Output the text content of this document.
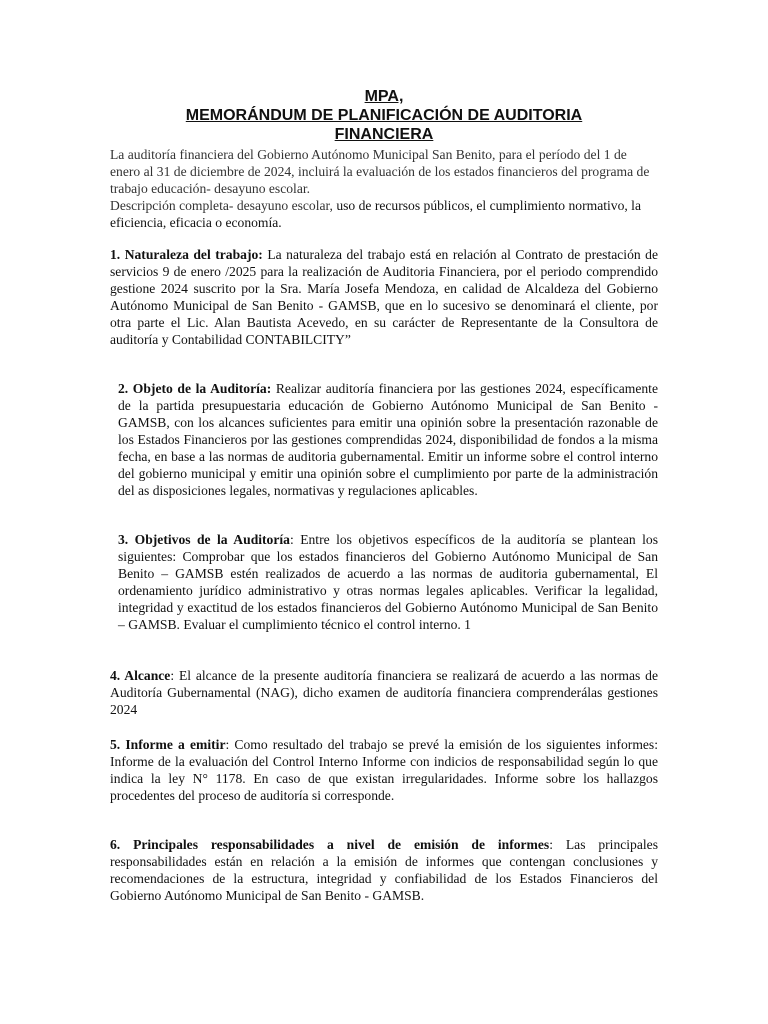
MPA,
MEMORÁNDUM DE PLANIFICACIÓN DE AUDITORIA
FINANCIERA

La auditoría financiera del Gobierno Autónomo Municipal San Benito, para el período del 1 de enero al 31 de diciembre de 2024, incluirá la evaluación de los estados financieros del programa de trabajo educación- desayuno escolar.

Descripción completa- desayuno escolar, uso de recursos públicos, el cumplimiento normativo, la eficiencia, eficacia o economía.

1. Naturaleza del trabajo: La naturaleza del trabajo está en relación al Contrato de prestación de servicios 9 de enero /2025 para la realización de Auditoria Financiera, por el periodo comprendido gestione 2024 suscrito por la Sra. María Josefa Mendoza, en calidad de Alcaldeza del Gobierno Autónomo Municipal de San Benito - GAMSB, que en lo sucesivo se denominará el cliente, por otra parte el Lic. Alan Bautista Acevedo, en su carácter de Representante de la Consultora de auditoría y Contabilidad CONTABILCITY”

2. Objeto de la Auditoría: Realizar auditoría financiera por las gestiones 2024, específicamente de la partida presupuestaria educación de Gobierno Autónomo Municipal de San Benito - GAMSB, con los alcances suficientes para emitir una opinión sobre la presentación razonable de los Estados Financieros por las gestiones comprendidas 2024, disponibilidad de fondos a la misma fecha, en base a las normas de auditoria gubernamental. Emitir un informe sobre el control interno del gobierno municipal y emitir una opinión sobre el cumplimiento por parte de la administración del as disposiciones legales, normativas y regulaciones aplicables.

3. Objetivos de la Auditoría: Entre los objetivos específicos de la auditoría se plantean los siguientes: Comprobar que los estados financieros del Gobierno Autónomo Municipal de San Benito – GAMSB estén realizados de acuerdo a las normas de auditoria gubernamental, El ordenamiento jurídico administrativo y otras normas legales aplicables. Verificar la legalidad, integridad y exactitud de los estados financieros del Gobierno Autónomo Municipal de San Benito – GAMSB. Evaluar el cumplimiento técnico el control interno. 1

4. Alcance: El alcance de la presente auditoría financiera se realizará de acuerdo a las normas de Auditoría Gubernamental (NAG), dicho examen de auditoría financiera comprenderálas gestiones 2024

5. Informe a emitir: Como resultado del trabajo se prevé la emisión de los siguientes informes: Informe de la evaluación del Control Interno Informe con indicios de responsabilidad según lo que indica la ley N° 1178. En caso de que existan irregularidades. Informe sobre los hallazgos procedentes del proceso de auditoría si corresponde.

6. Principales responsabilidades a nivel de emisión de informes: Las principales responsabilidades están en relación a la emisión de informes que contengan conclusiones y recomendaciones de la estructura, integridad y confiabilidad de los Estados Financieros del Gobierno Autónomo Municipal de San Benito - GAMSB.
